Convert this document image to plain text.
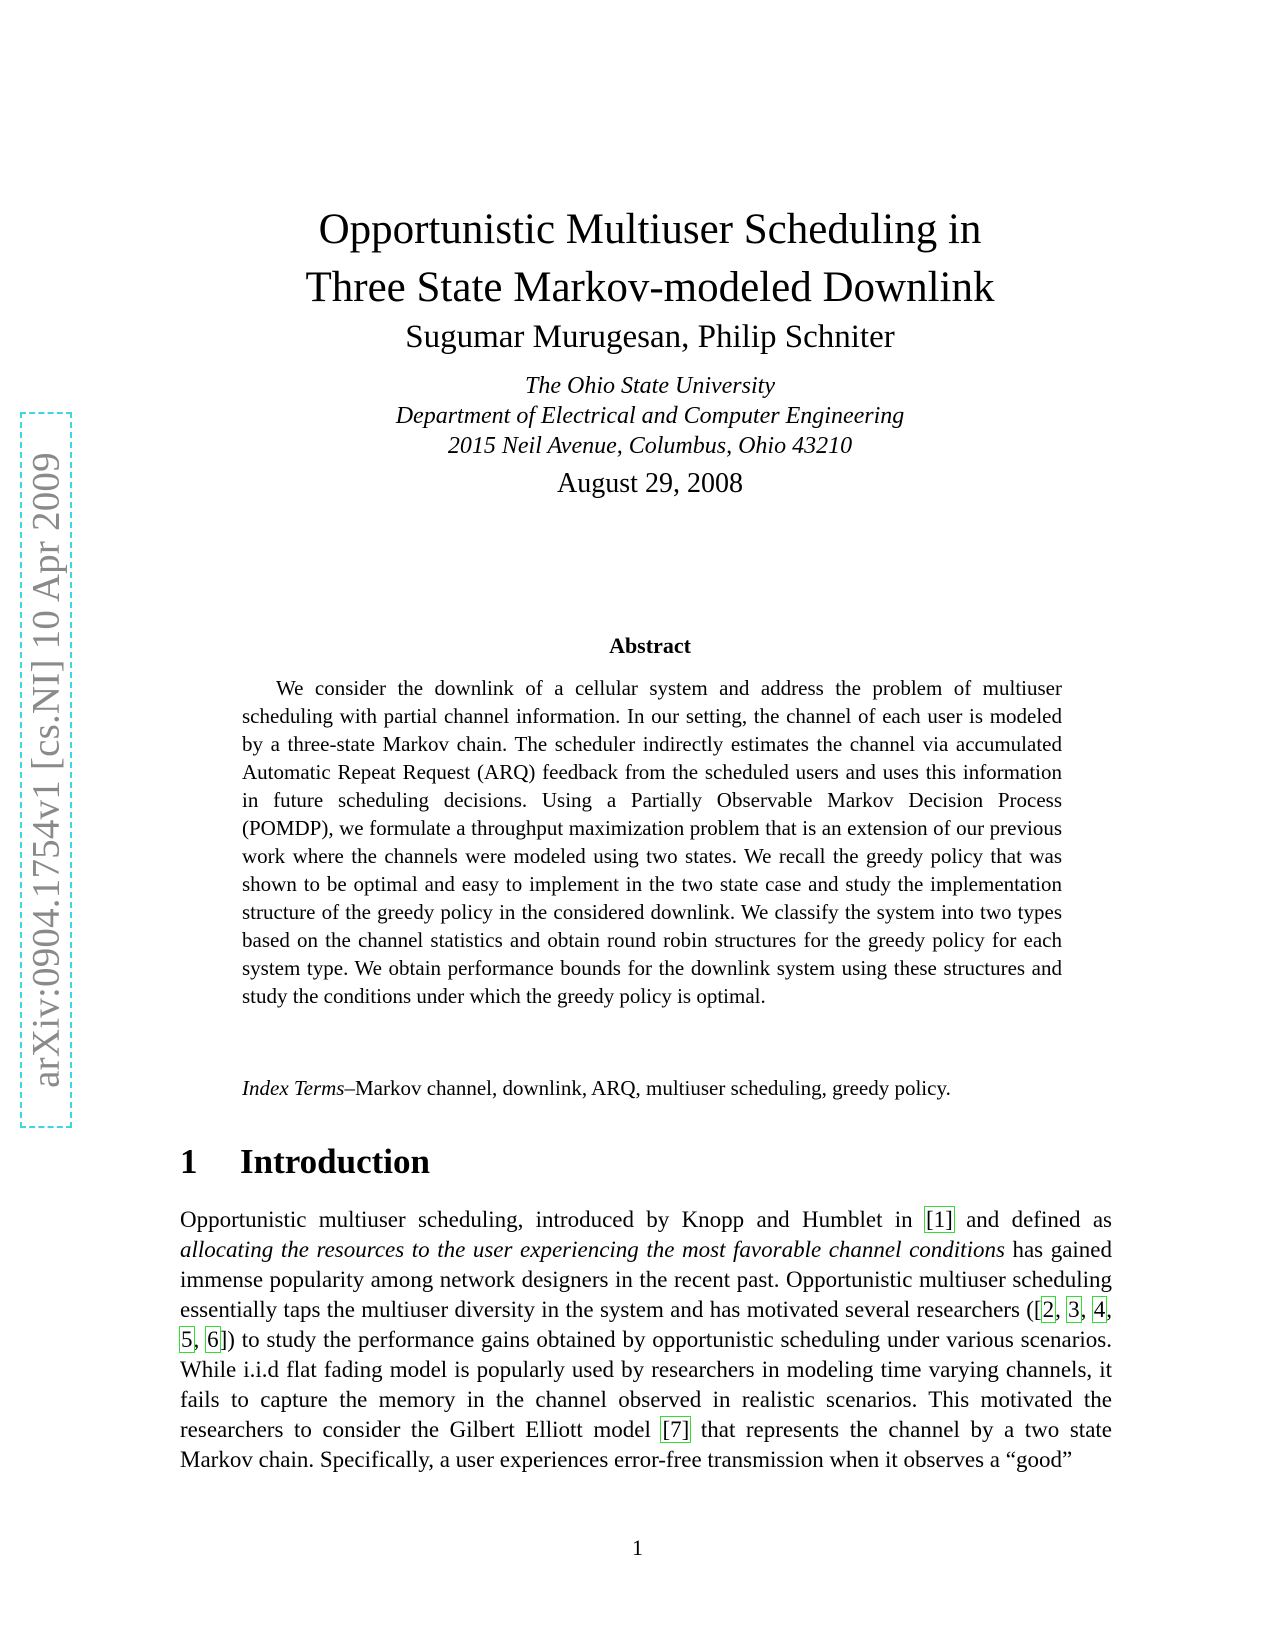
arXiv:0904.1754v1 [cs.NI] 10 Apr 2009
Opportunistic Multiuser Scheduling in
Three State Markov-modeled Downlink
Sugumar Murugesan, Philip Schniter
The Ohio State University
Department of Electrical and Computer Engineering
2015 Neil Avenue, Columbus, Ohio 43210
August 29, 2008
Abstract

We consider the downlink of a cellular system and address the problem of multiuser scheduling with partial channel information. In our setting, the channel of each user is modeled by a three-state Markov chain. The scheduler indirectly estimates the channel via accumulated Automatic Repeat Request (ARQ) feedback from the scheduled users and uses this information in future scheduling decisions. Using a Partially Observable Markov Decision Process (POMDP), we formulate a throughput maximization problem that is an extension of our previous work where the channels were modeled using two states. We recall the greedy policy that was shown to be optimal and easy to implement in the two state case and study the implementation structure of the greedy policy in the considered downlink. We classify the system into two types based on the channel statistics and obtain round robin structures for the greedy policy for each system type. We obtain performance bounds for the downlink system using these structures and study the conditions under which the greedy policy is optimal.

Index Terms–Markov channel, downlink, ARQ, multiuser scheduling, greedy policy.
1 Introduction

Opportunistic multiuser scheduling, introduced by Knopp and Humblet in [1] and defined as allocating the resources to the user experiencing the most favorable channel conditions has gained immense popularity among network designers in the recent past. Opportunistic multiuser scheduling essentially taps the multiuser diversity in the system and has motivated several researchers ([2, 3, 4, 5, 6]) to study the performance gains obtained by opportunistic scheduling under various scenarios. While i.i.d flat fading model is popularly used by researchers in modeling time varying channels, it fails to capture the memory in the channel observed in realistic scenarios. This motivated the researchers to consider the Gilbert Elliott model [7] that represents the channel by a two state Markov chain. Specifically, a user experiences error-free transmission when it observes a “good”

1
